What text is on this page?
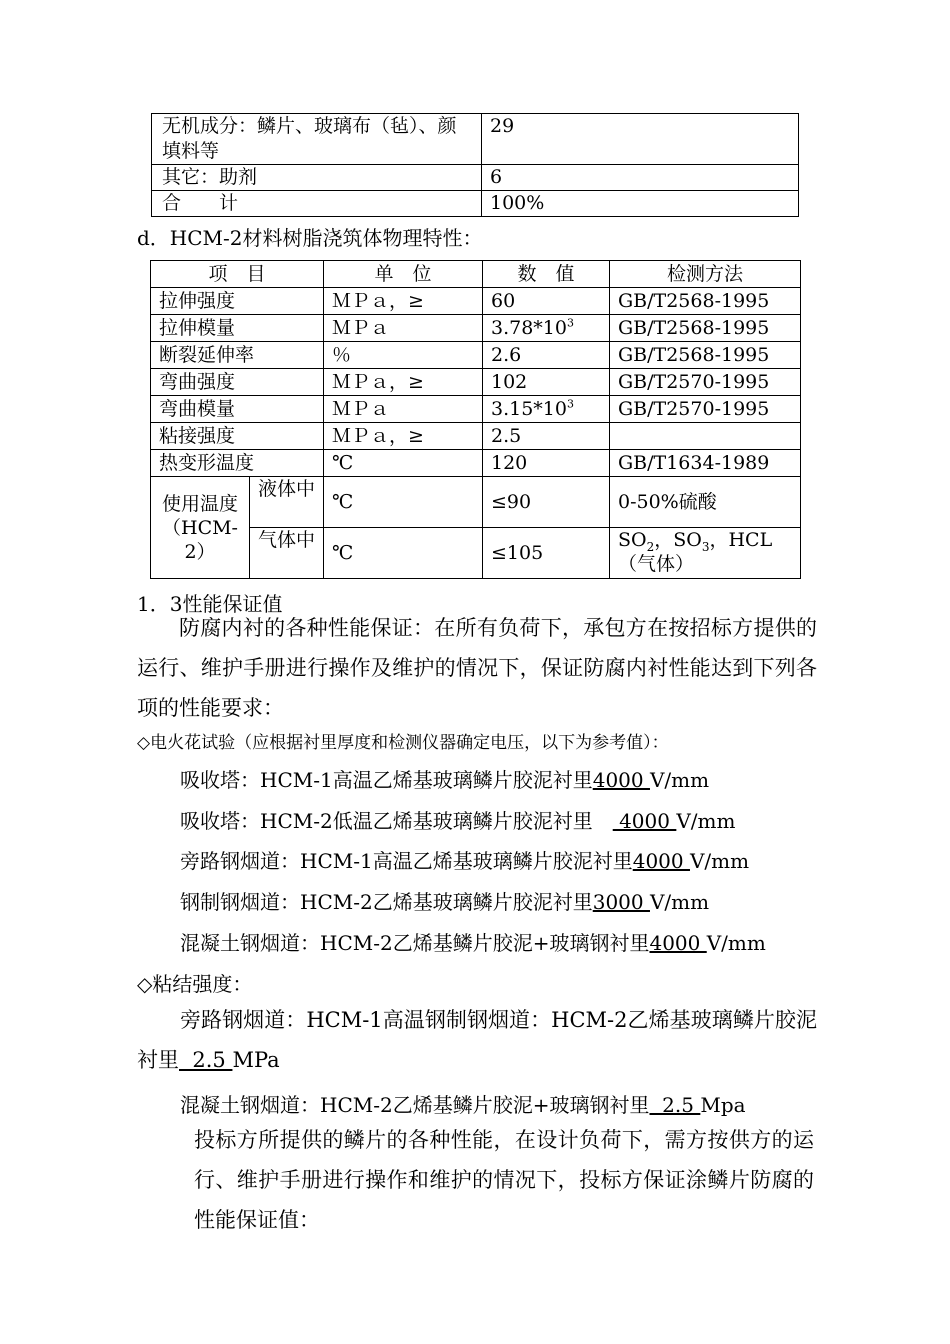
无机成分：鳞片、玻璃布（毡）、颜填料等	29
其它：助剂	6
合　　计	100%
d．HCM-2材料树脂浇筑体物理特性：
项　目		单　位	数　值	检测方法
拉伸强度		ＭＰａ，≥	60	GB/T2568-1995
拉伸模量		ＭＰａ	$3.78*10^3$	GB/T2568-1995
断裂延伸率		％	2.6	GB/T2568-1995
弯曲强度		ＭＰａ，≥	102	GB/T2570-1995
弯曲模量		ＭＰａ	$3.15*10^3$	GB/T2570-1995
粘接强度		ＭＰａ，≥	2.5	
热变形温度		℃	120	GB/T1634-1989
使用温度（HCM-2）	液体中	℃	≤90	0-50%硫酸
	气体中	℃	≤105	$SO_2$，$SO_3$，HCL
（气体）
1．3性能保证值
防腐内衬的各种性能保证：在所有负荷下，承包方在按招标方提供的运行、维护手册进行操作及维护的情况下，保证防腐内衬性能达到下列各项的性能要求：
◇电火花试验（应根据衬里厚度和检测仪器确定电压，以下为参考值）：
吸收塔：HCM-1高温乙烯基玻璃鳞片胶泥衬里4000 V/mm
吸收塔：HCM-2低温乙烯基玻璃鳞片胶泥衬里　 4000 V/mm
旁路钢烟道：HCM-1高温乙烯基玻璃鳞片胶泥衬里4000 V/mm
钢制钢烟道：HCM-2乙烯基玻璃鳞片胶泥衬里3000 V/mm
混凝土钢烟道：HCM-2乙烯基鳞片胶泥+玻璃钢衬里4000 V/mm
◇粘结强度：
旁路钢烟道：HCM-1高温钢制钢烟道：HCM-2乙烯基玻璃鳞片胶泥衬里  2.5 MPa
混凝土钢烟道：HCM-2乙烯基鳞片胶泥+玻璃钢衬里  2.5 Mpa
投标方所提供的鳞片的各种性能，在设计负荷下，需方按供方的运行、维护手册进行操作和维护的情况下，投标方保证涂鳞片防腐的性能保证值：
